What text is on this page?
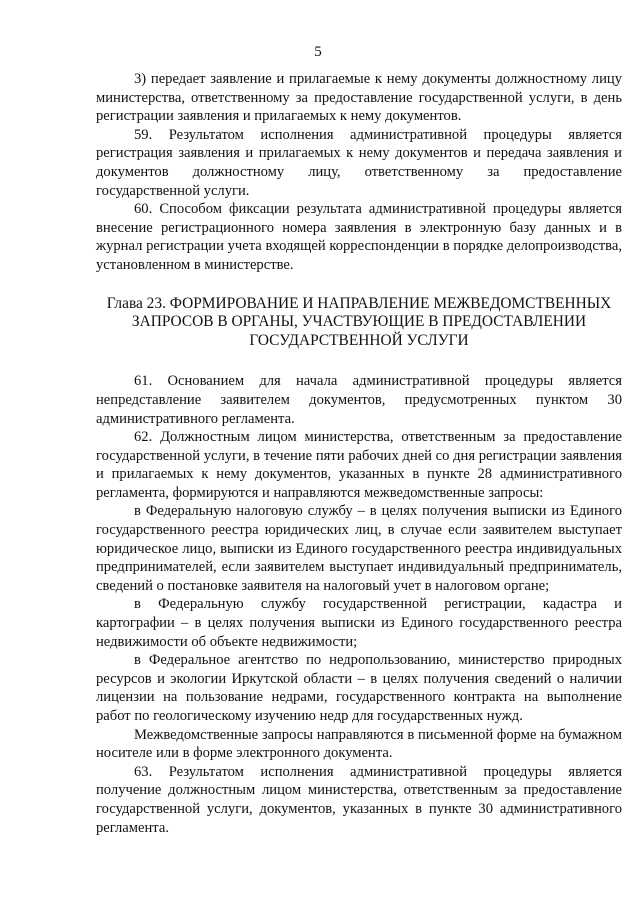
5

3) передает заявление и прилагаемые к нему документы должностному лицу министерства, ответственному за предоставление государственной услуги, в день регистрации заявления и прилагаемых к нему документов.

59. Результатом исполнения административной процедуры является регистрация заявления и прилагаемых к нему документов и передача заявления и документов должностному лицу, ответственному за предоставление государственной услуги.

60. Способом фиксации результата административной процедуры является внесение регистрационного номера заявления в электронную базу данных и в журнал регистрации учета входящей корреспонденции в порядке делопроизводства, установленном в министерстве.

Глава 23. ФОРМИРОВАНИЕ И НАПРАВЛЕНИЕ МЕЖВЕДОМСТВЕННЫХ
ЗАПРОСОВ В ОРГАНЫ, УЧАСТВУЮЩИЕ В ПРЕДОСТАВЛЕНИИ
ГОСУДАРСТВЕННОЙ УСЛУГИ

61. Основанием для начала административной процедуры является непредставление заявителем документов, предусмотренных пунктом 30 административного регламента.

62. Должностным лицом министерства, ответственным за предоставление государственной услуги, в течение пяти рабочих дней со дня регистрации заявления и прилагаемых к нему документов, указанных в пункте 28 административного регламента, формируются и направляются межведомственные запросы:

в Федеральную налоговую службу – в целях получения выписки из Единого государственного реестра юридических лиц, в случае если заявителем выступает юридическое лицо, выписки из Единого государственного реестра индивидуальных предпринимателей, если заявителем выступает индивидуальный предприниматель, сведений о постановке заявителя на налоговый учет в налоговом органе;

в Федеральную службу государственной регистрации, кадастра и картографии – в целях получения выписки из Единого государственного реестра недвижимости об объекте недвижимости;

в Федеральное агентство по недропользованию, министерство природных ресурсов и экологии Иркутской области – в целях получения сведений о наличии лицензии на пользование недрами, государственного контракта на выполнение работ по геологическому изучению недр для государственных нужд.

Межведомственные запросы направляются в письменной форме на бумажном носителе или в форме электронного документа.

63. Результатом исполнения административной процедуры является получение должностным лицом министерства, ответственным за предоставление государственной услуги, документов, указанных в пункте 30 административного регламента.
